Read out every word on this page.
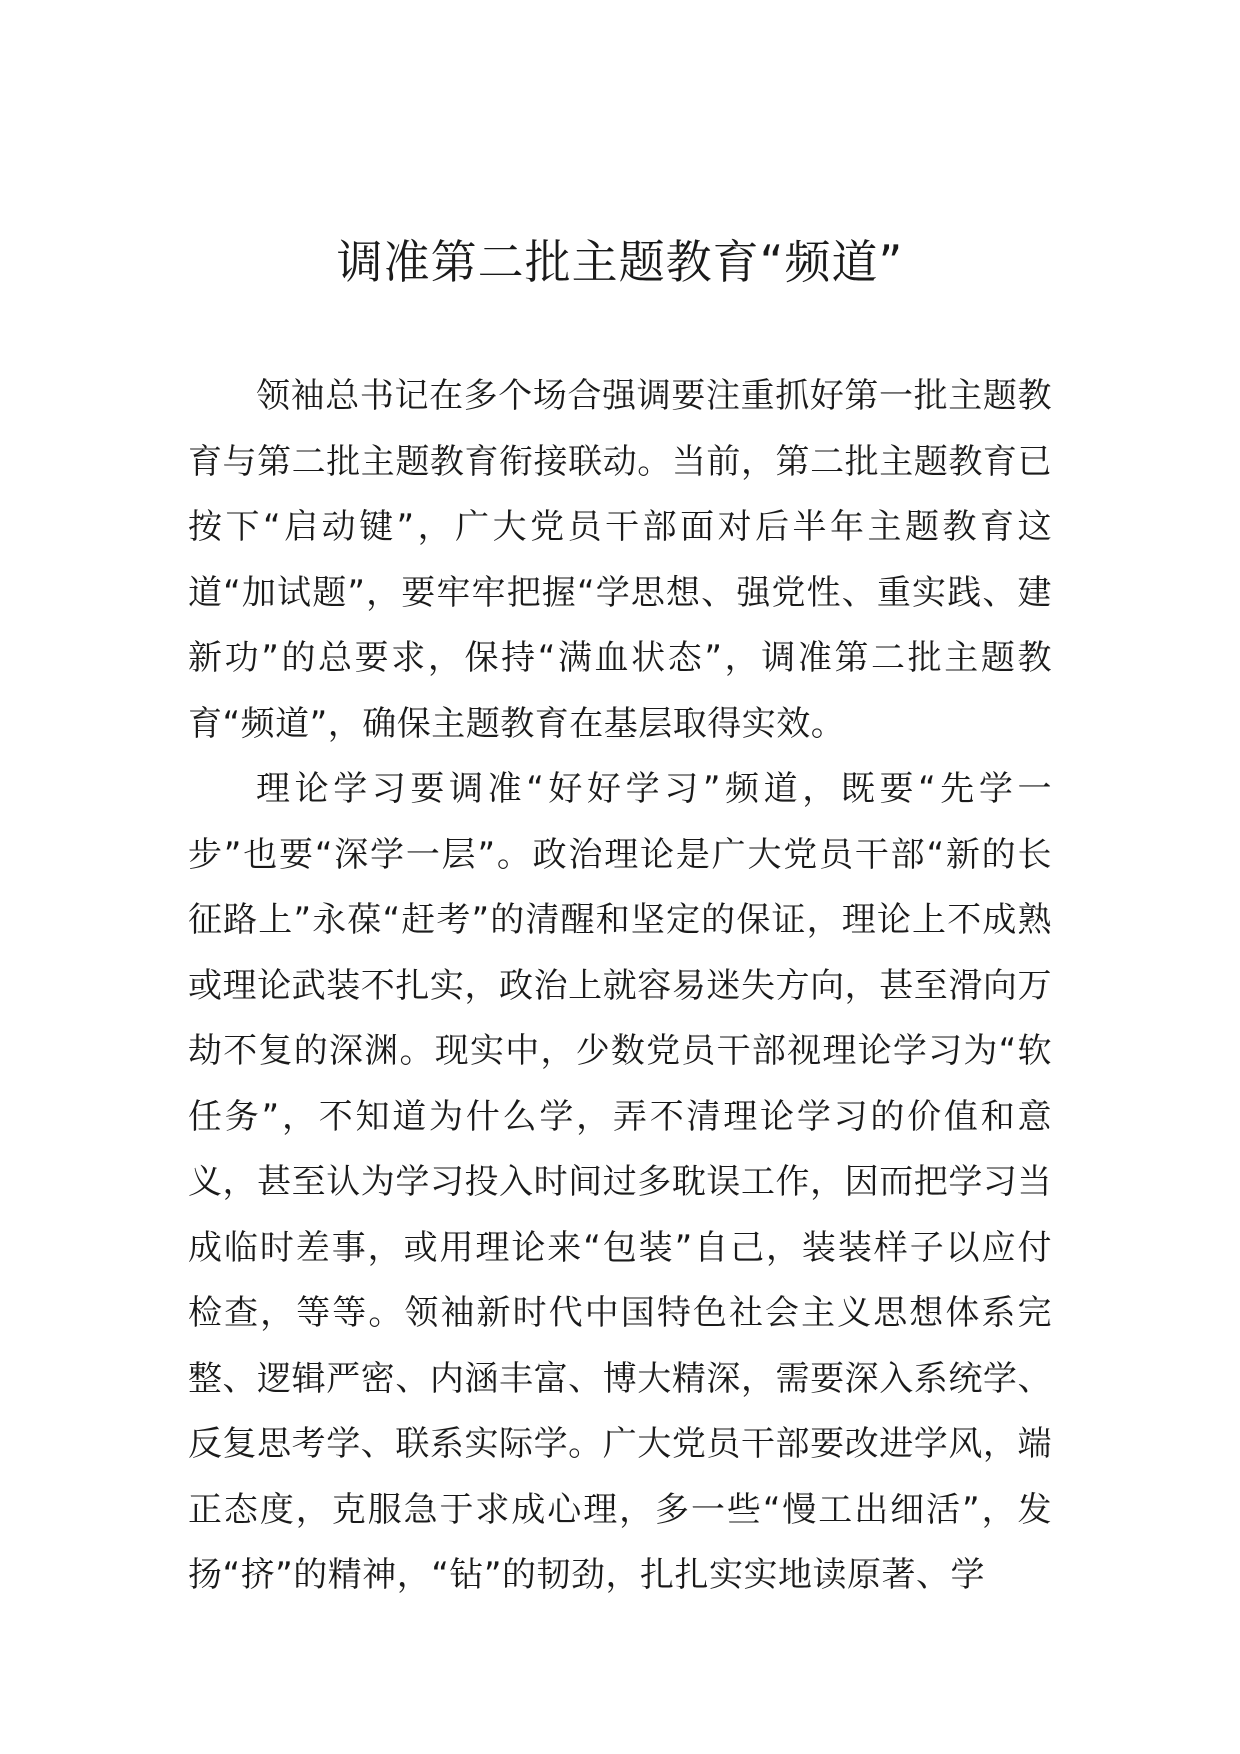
调准第二批主题教育“频道”

领袖总书记在多个场合强调要注重抓好第一批主题教育与第二批主题教育衔接联动。当前，第二批主题教育已按下“启动键”，广大党员干部面对后半年主题教育这道“加试题”，要牢牢把握“学思想、强党性、重实践、建新功”的总要求，保持“满血状态”，调准第二批主题教育“频道”，确保主题教育在基层取得实效。

理论学习要调准“好好学习”频道，既要“先学一步”也要“深学一层”。政治理论是广大党员干部“新的长征路上”永葆“赶考”的清醒和坚定的保证，理论上不成熟或理论武装不扎实，政治上就容易迷失方向，甚至滑向万劫不复的深渊。现实中，少数党员干部视理论学习为“软任务”，不知道为什么学，弄不清理论学习的价值和意义，甚至认为学习投入时间过多耽误工作，因而把学习当成临时差事，或用理论来“包装”自己，装装样子以应付检查，等等。领袖新时代中国特色社会主义思想体系完整、逻辑严密、内涵丰富、博大精深，需要深入系统学、反复思考学、联系实际学。广大党员干部要改进学风，端正态度，克服急于求成心理，多一些“慢工出细活”，发扬“挤”的精神，“钻”的韧劲，扎扎实实地读原著、学
